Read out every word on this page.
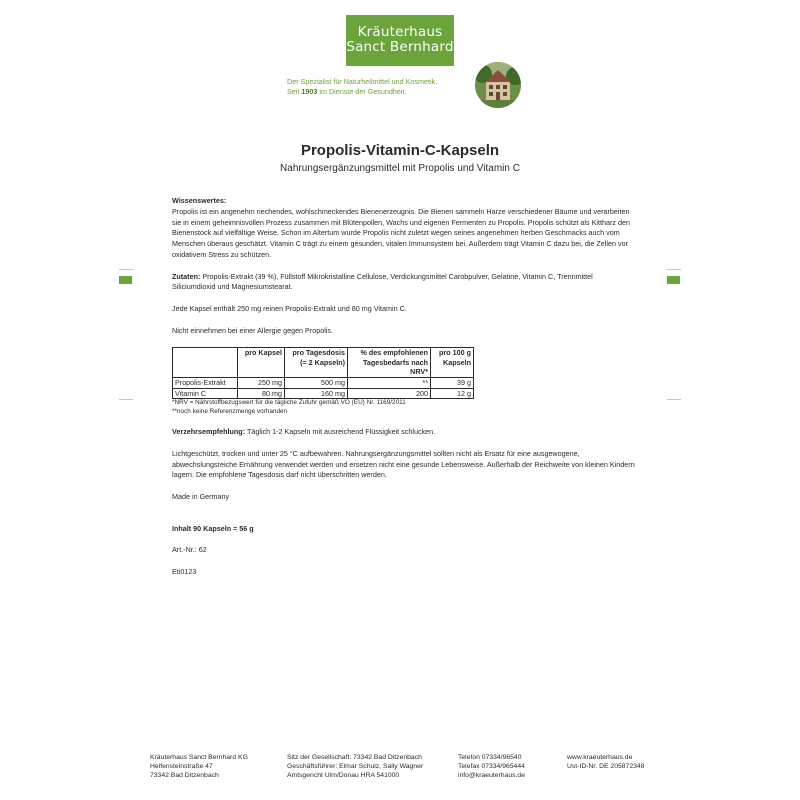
Kräuterhaus
Sanct Bernhard
Der Spezialist für Naturheilmittel und Kosmetik.
Seit 1903 im Dienste der Gesundheit.
Propolis-Vitamin-C-Kapseln
Nahrungsergänzungsmittel mit Propolis und Vitamin C

Wissenswertes:
Propolis ist ein angenehm riechendes, wohlschmeckendes Bienenerzeugnis. Die Bienen sammeln Harze verschiedener Bäume und verarbeiten sie in einem geheimnisvollen Prozess zusammen mit Blütenpollen, Wachs und eigenen Fermenten zu Propolis. Propolis schützt als Kittharz den Bienenstock auf vielfältige Weise. Schon im Altertum wurde Propolis nicht zuletzt wegen seines angenehmen herben Geschmacks auch vom Menschen überaus geschätzt. Vitamin C trägt zu einem gesunden, vitalen Immunsystem bei. Außerdem trägt Vitamin C dazu bei, die Zellen vor oxidativem Stress zu schützen.

Zutaten: Propolis-Extrakt (39 %), Füllstoff Mikrokristalline Cellulose, Verdickungsmittel Carobpulver, Gelatine, Vitamin C, Trennmittel Siliciumdioxid und Magnesiumstearat.

Jede Kapsel enthält 250 mg reinen Propolis-Extrakt und 80 mg Vitamin C.

Nicht einnehmen bei einer Allergie gegen Propolis.

	pro Kapsel	pro Tagesdosis (= 2 Kapseln)	% des empfohlenen Tagesbedarfs nach NRV*	pro 100 g Kapseln
Propolis-Extrakt	250 mg	500 mg	**	39 g
Vitamin C	80 mg	160 mg	200	12 g
*NRV = Nährstoffbezugswert für die tägliche Zufuhr gemäß VO (EU) Nr. 1169/2011
**noch keine Referenzmenge vorhanden

Verzehrsempfehlung: Täglich 1-2 Kapseln mit ausreichend Flüssigkeit schlucken.

Lichtgeschützt, trocken und unter 25 °C aufbewahren. Nahrungsergänzungsmittel sollten nicht als Ersatz für eine ausgewogene, abwechslungsreiche Ernährung verwendet werden und ersetzen nicht eine gesunde Lebensweise. Außerhalb der Reichweite von kleinen Kindern lagern. Die empfohlene Tagesdosis darf nicht überschritten werden.

Made in Germany

Inhalt 90 Kapseln = 56 g

Art.-Nr.: 62

Eti0123

Kräuterhaus Sanct Bernhard KG
Helfensteinstraße 47
73342 Bad Ditzenbach
Sitz der Gesellschaft: 73342 Bad Ditzenbach
Geschäftsführer: Elmar Schulz, Sally Wagner
Amtsgericht Ulm/Donau HRA 541000
Telefon 07334/96540
Telefax 07334/965444
info@kraeuterhaus.de
www.kraeuterhaus.de
Ust-ID-Nr. DE 205872348
